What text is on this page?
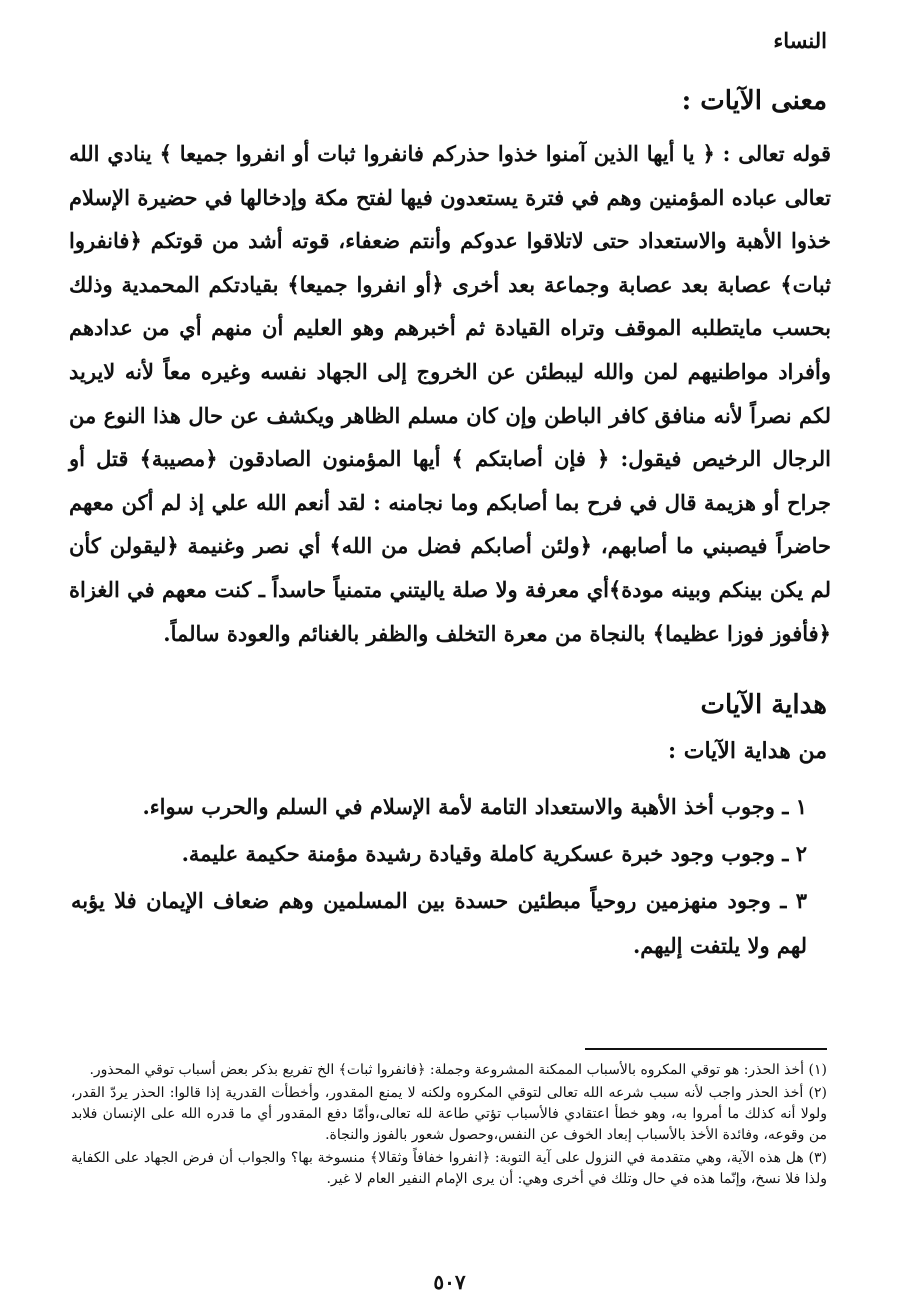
النساء
معنى الآيات :

قوله تعالى : ﴿ يا أيها الذين آمنوا خذوا حذركم فانفروا ثبات أو انفروا جميعا ﴾ ينادي الله تعالى عباده المؤمنين وهم في فترة يستعدون فيها لفتح مكة وإدخالها في حضيرة الإسلام خذوا الأهبة والاستعداد حتى لاتلاقوا عدوكم وأنتم ضعفاء، قوته أشد من قوتكم ﴿فانفروا ثبات﴾ عصابة بعد عصابة وجماعة بعد أخرى ﴿أو انفروا جميعا﴾ بقيادتكم المحمدية وذلك بحسب مايتطلبه الموقف وتراه القيادة ثم أخبرهم وهو العليم أن منهم أي من عدادهم وأفراد مواطنيهم لمن والله ليبطئن عن الخروج إلى الجهاد نفسه وغيره معاً لأنه لايريد لكم نصراً لأنه منافق كافر الباطن وإن كان مسلم الظاهر ويكشف عن حال هذا النوع من الرجال الرخيص فيقول: ﴿ فإن أصابتكم ﴾ أيها المؤمنون الصادقون ﴿مصيبة﴾ قتل أو جراح أو هزيمة قال في فرح بما أصابكم وما نجامنه : لقد أنعم الله علي إذ لم أكن معهم حاضراً فيصبني ما أصابهم، ﴿ولئن أصابكم فضل من الله﴾ أي نصر وغنيمة ﴿ليقولن كأن لم يكن بينكم وبينه مودة﴾أي معرفة ولا صلة ياليتني متمنياً حاسداً ـ كنت معهم في الغزاة ﴿فأفوز فوزا عظيما﴾ بالنجاة من معرة التخلف والظفر بالغنائم والعودة سالماً.

هداية الآيات
من هداية الآيات :
١ ـ وجوب أخذ الأهبة والاستعداد التامة لأمة الإسلام في السلم والحرب سواء.
٢ ـ وجوب وجود خبرة عسكرية كاملة وقيادة رشيدة مؤمنة حكيمة عليمة.
٣ ـ وجود منهزمين روحياً مبطئين حسدة بين المسلمين وهم ضعاف الإيمان فلا يؤبه لهم ولا يلتفت إليهم.
(١) أخذ الحذر: هو توقي المكروه بالأسباب الممكنة المشروعة وجملة: ﴿فانفروا ثبات﴾ الخ تفريع بذكر بعض أسباب توقي المحذور.
(٢) أخذ الحذر واجب لأنه سبب شرعه الله تعالى لتوقي المكروه ولكنه لا يمنع المقدور، وأخطأت القدرية إذا قالوا: الحذر يردّ القدر، ولولا أنه كذلك ما أمروا به، وهو خطأ اعتقادي فالأسباب تؤتي طاعة لله تعالى،وأمّا دفع المقدور أي ما قدره الله على الإنسان فلابد من وقوعه، وفائدة الأخذ بالأسباب إبعاد الخوف عن النفس،وحصول شعور بالفوز والنجاة.
(٣) هل هذه الآية، وهي متقدمة في النزول على آية التوبة: ﴿انفروا خفافاً وثقالا﴾ منسوخة بها؟ والجواب أن فرض الجهاد على الكفاية ولذا فلا نسخ، وإنّما هذه في حال وتلك في أخرى وهي: أن يرى الإمام النفير العام لا غير.
٥٠٧
